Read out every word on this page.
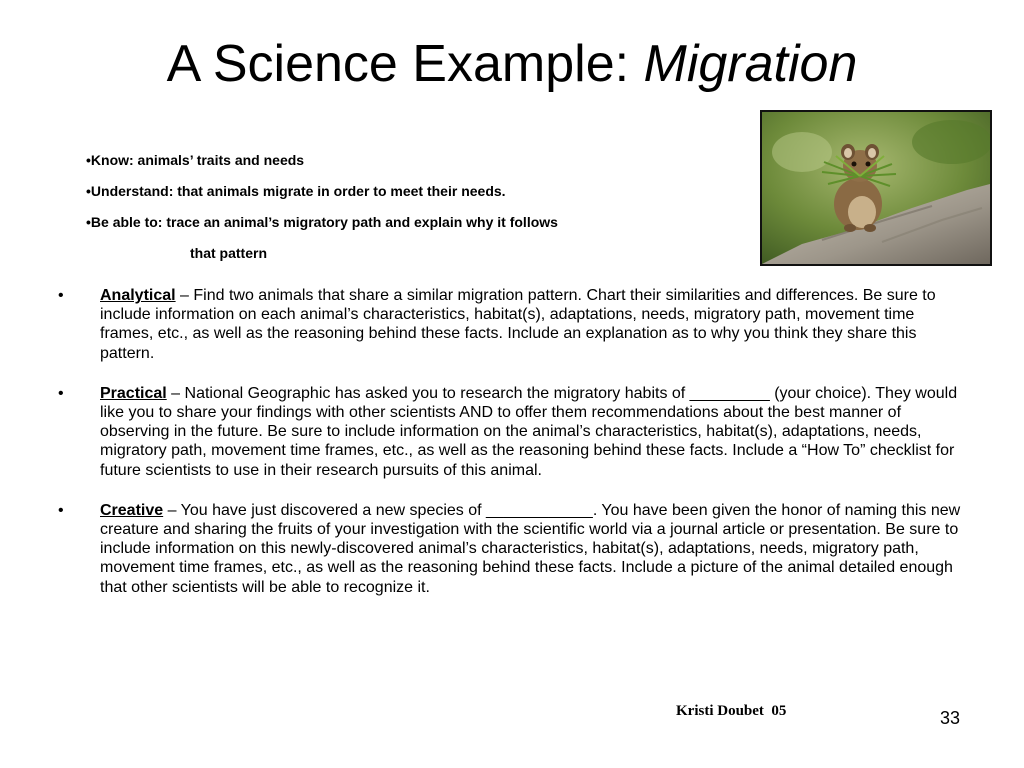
A Science Example: Migration
•Know: animals’ traits and needs
•Understand: that animals migrate in order to meet their needs.
•Be able to: trace an animal’s migratory path and explain why it follows
that pattern
• Analytical – Find two animals that share a similar migration pattern. Chart their similarities and differences. Be sure to include information on each animal’s characteristics, habitat(s), adaptations, needs, migratory path, movement time frames, etc., as well as the reasoning behind these facts. Include an explanation as to why you think they share this pattern.
• Practical – National Geographic has asked you to research the migratory habits of _________ (your choice). They would like you to share your findings with other scientists AND to offer them recommendations about the best manner of observing in the future. Be sure to include information on the animal’s characteristics, habitat(s), adaptations, needs, migratory path, movement time frames, etc., as well as the reasoning behind these facts. Include a “How To” checklist for future scientists to use in their research pursuits of this animal.
• Creative – You have just discovered a new species of ____________. You have been given the honor of naming this new creature and sharing the fruits of your investigation with the scientific world via a journal article or presentation. Be sure to include information on this newly-discovered animal’s characteristics, habitat(s), adaptations, needs, migratory path, movement time frames, etc., as well as the reasoning behind these facts. Include a picture of the animal detailed enough that other scientists will be able to recognize it.
Kristi Doubet  05	33
